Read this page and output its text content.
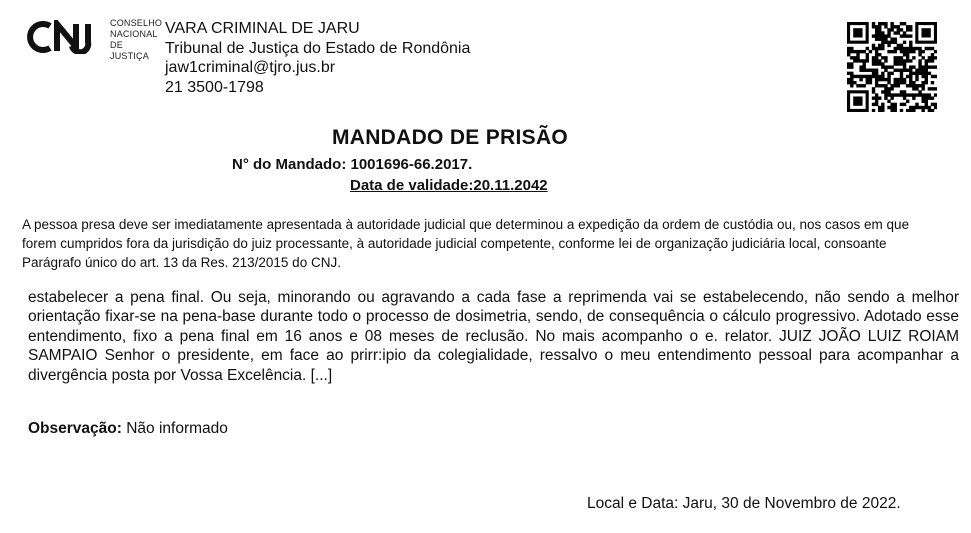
CONSELHO
NACIONAL
DE JUSTIÇA
VARA CRIMINAL DE JARU
Tribunal de Justiça do Estado de Rondônia
jaw1criminal@tjro.jus.br
21 3500-1798
MANDADO DE PRISÃO
N° do Mandado: 1001696-66.2017.
Data de validade:20.11.2042
A pessoa presa deve ser imediatamente apresentada à autoridade judicial que determinou a expedição da ordem de custódia ou, nos casos em que forem cumpridos fora da jurisdição do juiz processante, à autoridade judicial competente, conforme lei de organização judiciária local, consoante Parágrafo único do art. 13 da Res. 213/2015 do CNJ.
estabelecer a pena final. Ou seja, minorando ou agravando a cada fase a reprimenda vai se estabelecendo, não sendo a melhor orientação fixar-se na pena-base durante todo o processo de dosimetria, sendo, de consequência o cálculo progressivo. Adotado esse entendimento, fixo a pena final em 16 anos e 08 meses de reclusão. No mais acompanho o e. relator. JUIZ JOÃO LUIZ ROIAM SAMPAIO Senhor o presidente, em face ao prirr:ipio da colegialidade, ressalvo o meu entendimento pessoal para acompanhar a divergência posta por Vossa Excelência. [...]
Observação: Não informado
Local e Data: Jaru, 30 de Novembro de 2022.
